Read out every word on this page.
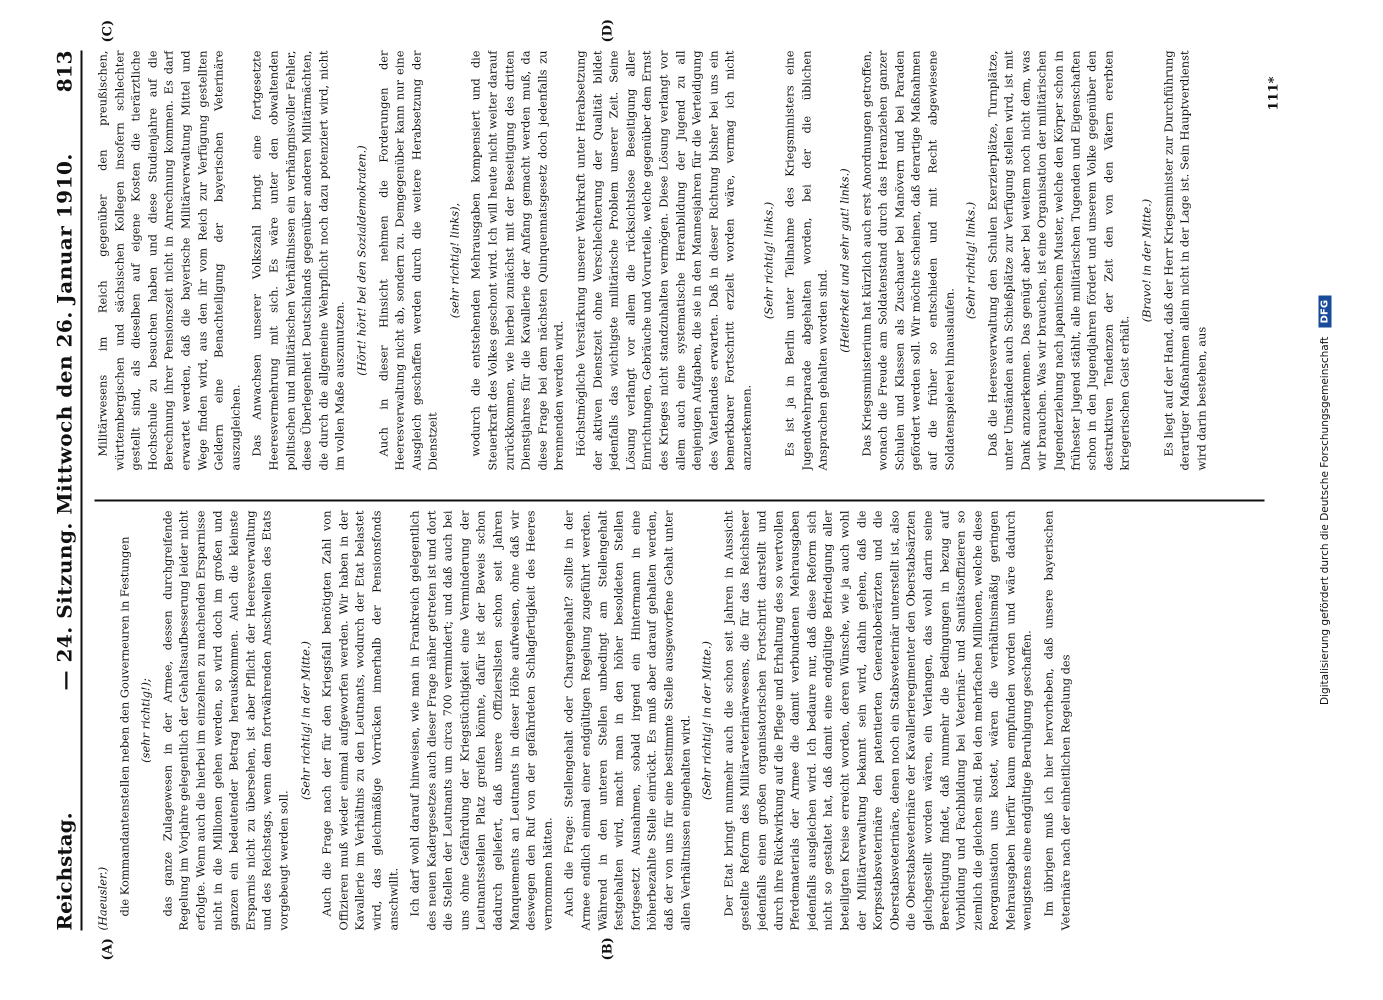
Reichstag.
— 24. Sitzung. Mittwoch den 26. Januar 1910.
813
(A)	(B)
(C)	(D)

(Haeusler.) die Kommandantenstellen neben den Gouverneuren in Festungen (sehr richtig!); das ganze Zulagewesen in der Armee, dessen durchgreifende Regelung im Vorjahre gelegentlich der Gehaltsaufbesserung leider nicht erfolgte. Wenn auch die hierbei im einzelnen zu machenden Ersparnisse nicht in die Millionen gehen werden, so wird doch im großen und ganzen ein bedeutender Betrag herauskommen. Auch die kleinste Ersparnis nicht zu übersehen, ist aber Pflicht der Heeresverwaltung und des Reichstags, wenn dem fortwährenden Anschwellen des Etats vorgebeugt werden soll.

(Sehr richtig! in der Mitte.) Auch die Frage nach der für den Kriegsfall benötigten Zahl von Offizieren muß wieder einmal aufgeworfen werden. Wir haben in der Kavallerie im Verhältnis zu den Leutnants, wodurch der Etat belastet wird, das gleichmäßige Vorrücken innerhalb der Pensionsfonds anschwillt. Ich darf wohl darauf hinweisen, wie man in Frankreich gelegentlich des neuen Kadergesetzes auch dieser Frage näher getreten ist und dort die Stellen der Leutnants um circa 700 vermindert; und daß auch bei uns ohne Gefährdung der Kriegstüchtigkeit eine Verminderung der Leutnantsstellen Platz greifen könnte, dafür ist der Beweis schon dadurch geliefert, daß unsere Offizierslisten schon seit Jahren Manquements an Leutnants in dieser Höhe aufweisen, ohne daß wir deswegen den Ruf von der gefährdeten Schlagfertigkeit des Heeres vernommen hätten. Auch die Frage: Stellengehalt oder Chargengehalt? sollte in der Armee endlich einmal einer endgültigen Regelung zugeführt werden. Während in den unteren Stellen unbedingt am Stellengehalt festgehalten wird, macht man in den höher besoldeten Stellen fortgesetzt Ausnahmen, sobald irgend ein Hintermann in eine höherbezahlte Stelle einrückt. Es muß aber darauf gehalten werden, daß der von uns für eine bestimmte Stelle ausgeworfene Gehalt unter allen Verhältnissen eingehalten wird. (Sehr richtig! in der Mitte.) Der Etat bringt nunmehr auch die schon seit Jahren in Aussicht gestellte Reform des Militärveterinärwesens, die für das Reichsheer jedenfalls einen großen organisatorischen Fortschritt darstellt und durch ihre Rückwirkung auf die Pflege und Erhaltung des so wertvollen Pferdematerials der Armee die damit verbundenen Mehrausgaben jedenfalls ausgleichen wird. Ich bedaure nur, daß diese Reform sich nicht so gestaltet hat, daß damit eine endgültige Befriedigung aller beteiligten Kreise erreicht worden, deren Wünsche, wie ja auch wohl der Militärverwaltung bekannt sein wird, dahin gehen, daß die Korpsstabsveterinäre den patentierten Generaloberärzten und die Oberstabsveterinäre, denen noch ein Stabsveterinär unterstellt ist, also die Oberstabsveterinäre der Kavallerieregimenter den Oberstabsärzten gleichgestellt worden wären, ein Verlangen, das wohl darin seine Berechtigung findet, daß nunmehr die Bedingungen in bezug auf Vorbildung und Fachbildung bei Veterinär- und Sanitätsoffizieren so ziemlich die gleichen sind. Bei den mehrfachen Millionen, welche diese Reorganisation uns kostet, wären die verhältnismäßig geringen Mehrausgaben hierfür kaum empfunden worden und wäre dadurch wenigstens eine endgültige Beruhigung geschaffen. Im übrigen muß ich hier hervorheben, daß unsere bayerischen Veterinäre nach der einheitlichen Regelung des

Militärwesens im Reich gegenüber den preußischen, württembergischen und sächsischen Kollegen insofern schlechter gestellt sind, als dieselben auf eigene Kosten die tierärztliche Hochschule zu besuchen haben und diese Studienjahre auf die Berechnung ihrer Pensionszeit nicht in Anrechnung kommen. Es darf erwartet werden, daß die bayerische Militärverwaltung Mittel und Wege finden wird, aus den ihr vom Reich zur Verfügung gestellten Geldern eine Benachteiligung der bayerischen Veterinäre auszugleichen. Das Anwachsen unserer Volkszahl bringt eine fortgesetzte Heeresvermehrung mit sich. Es wäre unter den obwaltenden politischen und militärischen Verhältnissen ein verhängnisvoller Fehler, diese Überlegenheit Deutschlands gegenüber anderen Militärmächten, die durch die allgemeine Wehrpflicht noch dazu potenziert wird, nicht im vollen Maße auszunutzen.

(Hört! hört! bei den Sozialdemokraten.) Auch in dieser Hinsicht nehmen die Forderungen der Heeresverwaltung nicht ab, sondern zu. Demgegenüber kann nur eine Ausgleich geschaffen werden durch die weitere Herabsetzung der Dienstzeit

(sehr richtig! links), wodurch die entstehenden Mehrausgaben kompensiert und die Steuerkraft des Volkes geschont wird. Ich will heute nicht weiter darauf zurückkommen, wie hierbei zunächst mit der Beseitigung des dritten Dienstjahres für die Kavallerie der Anfang gemacht werden muß, da diese Frage bei dem nächsten Quinquennatsgesetz doch jedenfalls zu brennenden werden wird. Höchstmögliche Verstärkung unserer Wehrkraft unter Herabsetzung der aktiven Dienstzeit ohne Verschlechterung der Qualität bildet jedenfalls das wichtigste militärische Problem unserer Zeit. Seine Lösung verlangt vor allem die rücksichtslose Beseitigung aller Einrichtungen, Gebräuche und Vorurteile, welche gegenüber dem Ernst des Krieges nicht standzuhalten vermögen. Diese Lösung verlangt vor allem auch eine systematische Heranbildung der Jugend zu all denjenigen Aufgaben, die sie in den Mannesjahren für die Verteidigung des Vaterlandes erwarten. Daß in dieser Richtung bisher bei uns ein bemerkbarer Fortschritt erzielt worden wäre, vermag ich nicht anzuerkennen.

(Sehr richtig! links.) Es ist ja in Berlin unter Teilnahme des Kriegsministers eine Jugendwehrparade abgehalten worden, bei der die üblichen Ansprachen gehalten worden sind.

(Heiterkeit und sehr gut! links.) Das Kriegsministerium hat kürzlich auch erst Anordnungen getroffen, wonach die Freude am Soldatenstand durch das Heranziehen ganzer Schulen und Klassen als Zuschauer bei Manövern und bei Paraden gefördert werden soll. Wir möchte scheinen, daß derartige Maßnahmen auf die früher so entschieden und mit Recht abgewiesene Soldatenspielerei hinauslaufen.

(Sehr richtig! links.) Daß die Heeresverwaltung den Schulen Exerzierplätze, Turnplätze, unter Umständen auch Schießplätze zur Verfügung stellen wird, ist mit Dank anzuerkennen. Das genügt aber bei weitem noch nicht dem, was wir brauchen. Was wir brauchen, ist eine Organisation der militärischen Jugenderziehung nach japanischem Muster, welche den Körper schon in frühester Jugend stählt, alle militärischen Tugenden und Eigenschaften schon in den Jugendjahren fördert und unserem Volke gegenüber den destruktiven Tendenzen der Zeit den von den Vätern ererbten kriegerischen Geist erhält.

(Bravo! in der Mitte.) Es liegt auf der Hand, daß der Herr Kriegsminister zur Durchführung derartiger Maßnahmen allein nicht in der Lage ist. Sein Hauptverdienst wird darin bestehen, aus

111*
Digitalisierung gefördert durch die Deutsche Forschungsgemeinschaft DFG
